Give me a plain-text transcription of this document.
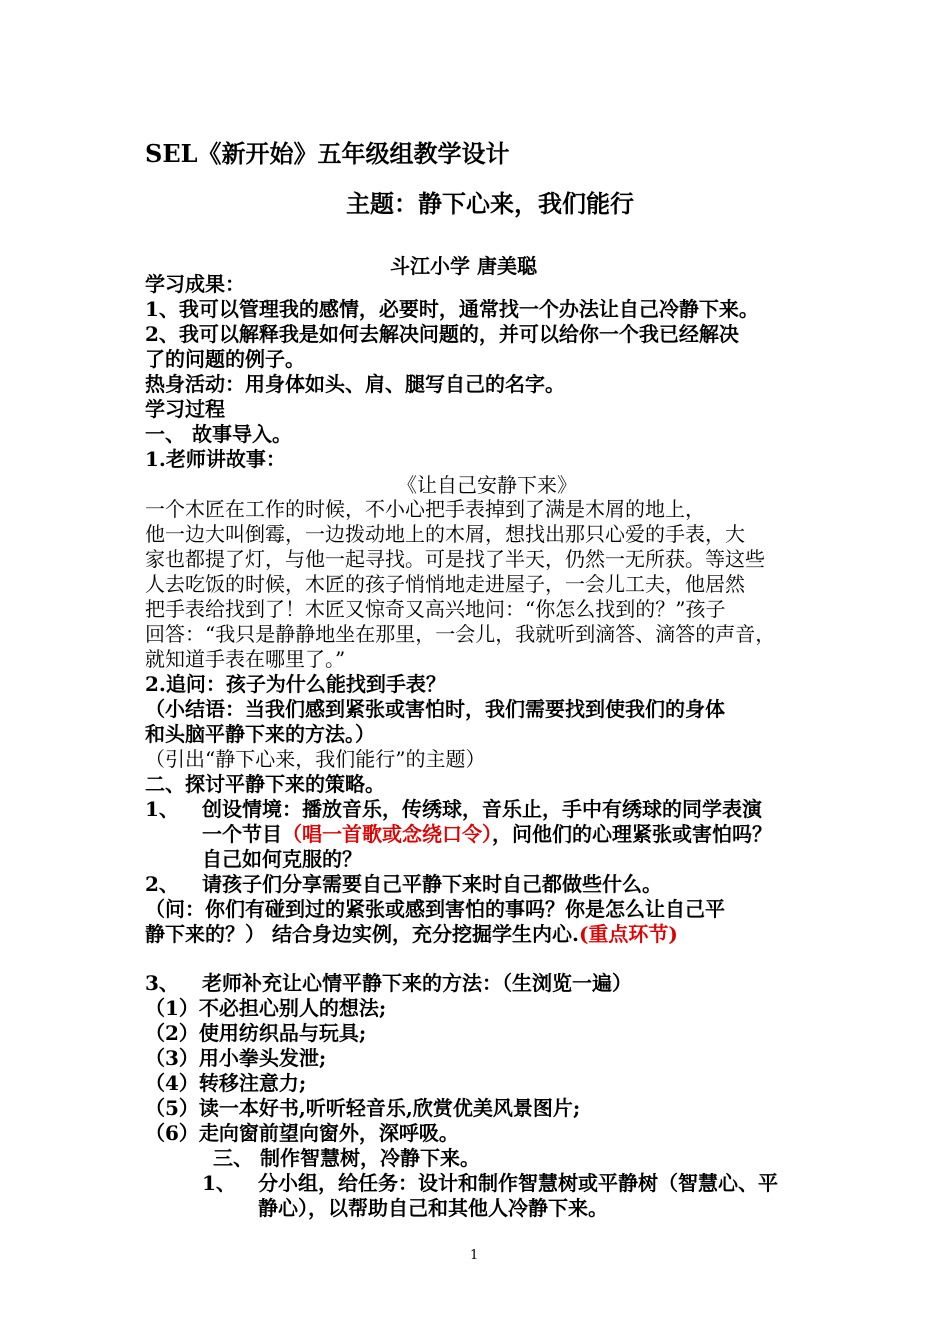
SEL《新开始》五年级组教学设计
主题：静下心来，我们能行
斗江小学 唐美聪
学习成果：
1、我可以管理我的感情，必要时，通常找一个办法让自己冷静下来。
2、我可以解释我是如何去解决问题的，并可以给你一个我已经解决
了的问题的例子。
热身活动：用身体如头、肩、腿写自己的名字。
学习过程
一、 故事导入。
1.老师讲故事：
《让自己安静下来》
一个木匠在工作的时候，不小心把手表掉到了满是木屑的地上，
他一边大叫倒霉，一边拨动地上的木屑，想找出那只心爱的手表，大
家也都提了灯，与他一起寻找。可是找了半天，仍然一无所获。等这些
人去吃饭的时候，木匠的孩子悄悄地走进屋子，一会儿工夫，他居然
把手表给找到了！木匠又惊奇又高兴地问：“你怎么找到的？”孩子
回答：“我只是静静地坐在那里，一会儿，我就听到滴答、滴答的声音，
就知道手表在哪里了。”
2.追问：孩子为什么能找到手表？
（小结语：当我们感到紧张或害怕时，我们需要找到使我们的身体
和头脑平静下来的方法。）
（引出“静下心来，我们能行”的主题）
二、探讨平静下来的策略。
1、 创设情境：播放音乐，传绣球，音乐止，手中有绣球的同学表演
一个节目（唱一首歌或念绕口令），问他们的心理紧张或害怕吗？
自己如何克服的？
2、 请孩子们分享需要自己平静下来时自己都做些什么。
（问：你们有碰到过的紧张或感到害怕的事吗？你是怎么让自己平
静下来的？） 结合身边实例，充分挖掘学生内心.(重点环节)
3、 老师补充让心情平静下来的方法：（生浏览一遍）
（1）不必担心别人的想法;
（2）使用纺织品与玩具;
（3）用小拳头发泄;
（4）转移注意力;
（5）读一本好书,听听轻音乐,欣赏优美风景图片;
（6）走向窗前望向窗外，深呼吸。
三、 制作智慧树，冷静下来。
1、 分小组，给任务：设计和制作智慧树或平静树（智慧心、平
静心），以帮助自己和其他人冷静下来。
1
